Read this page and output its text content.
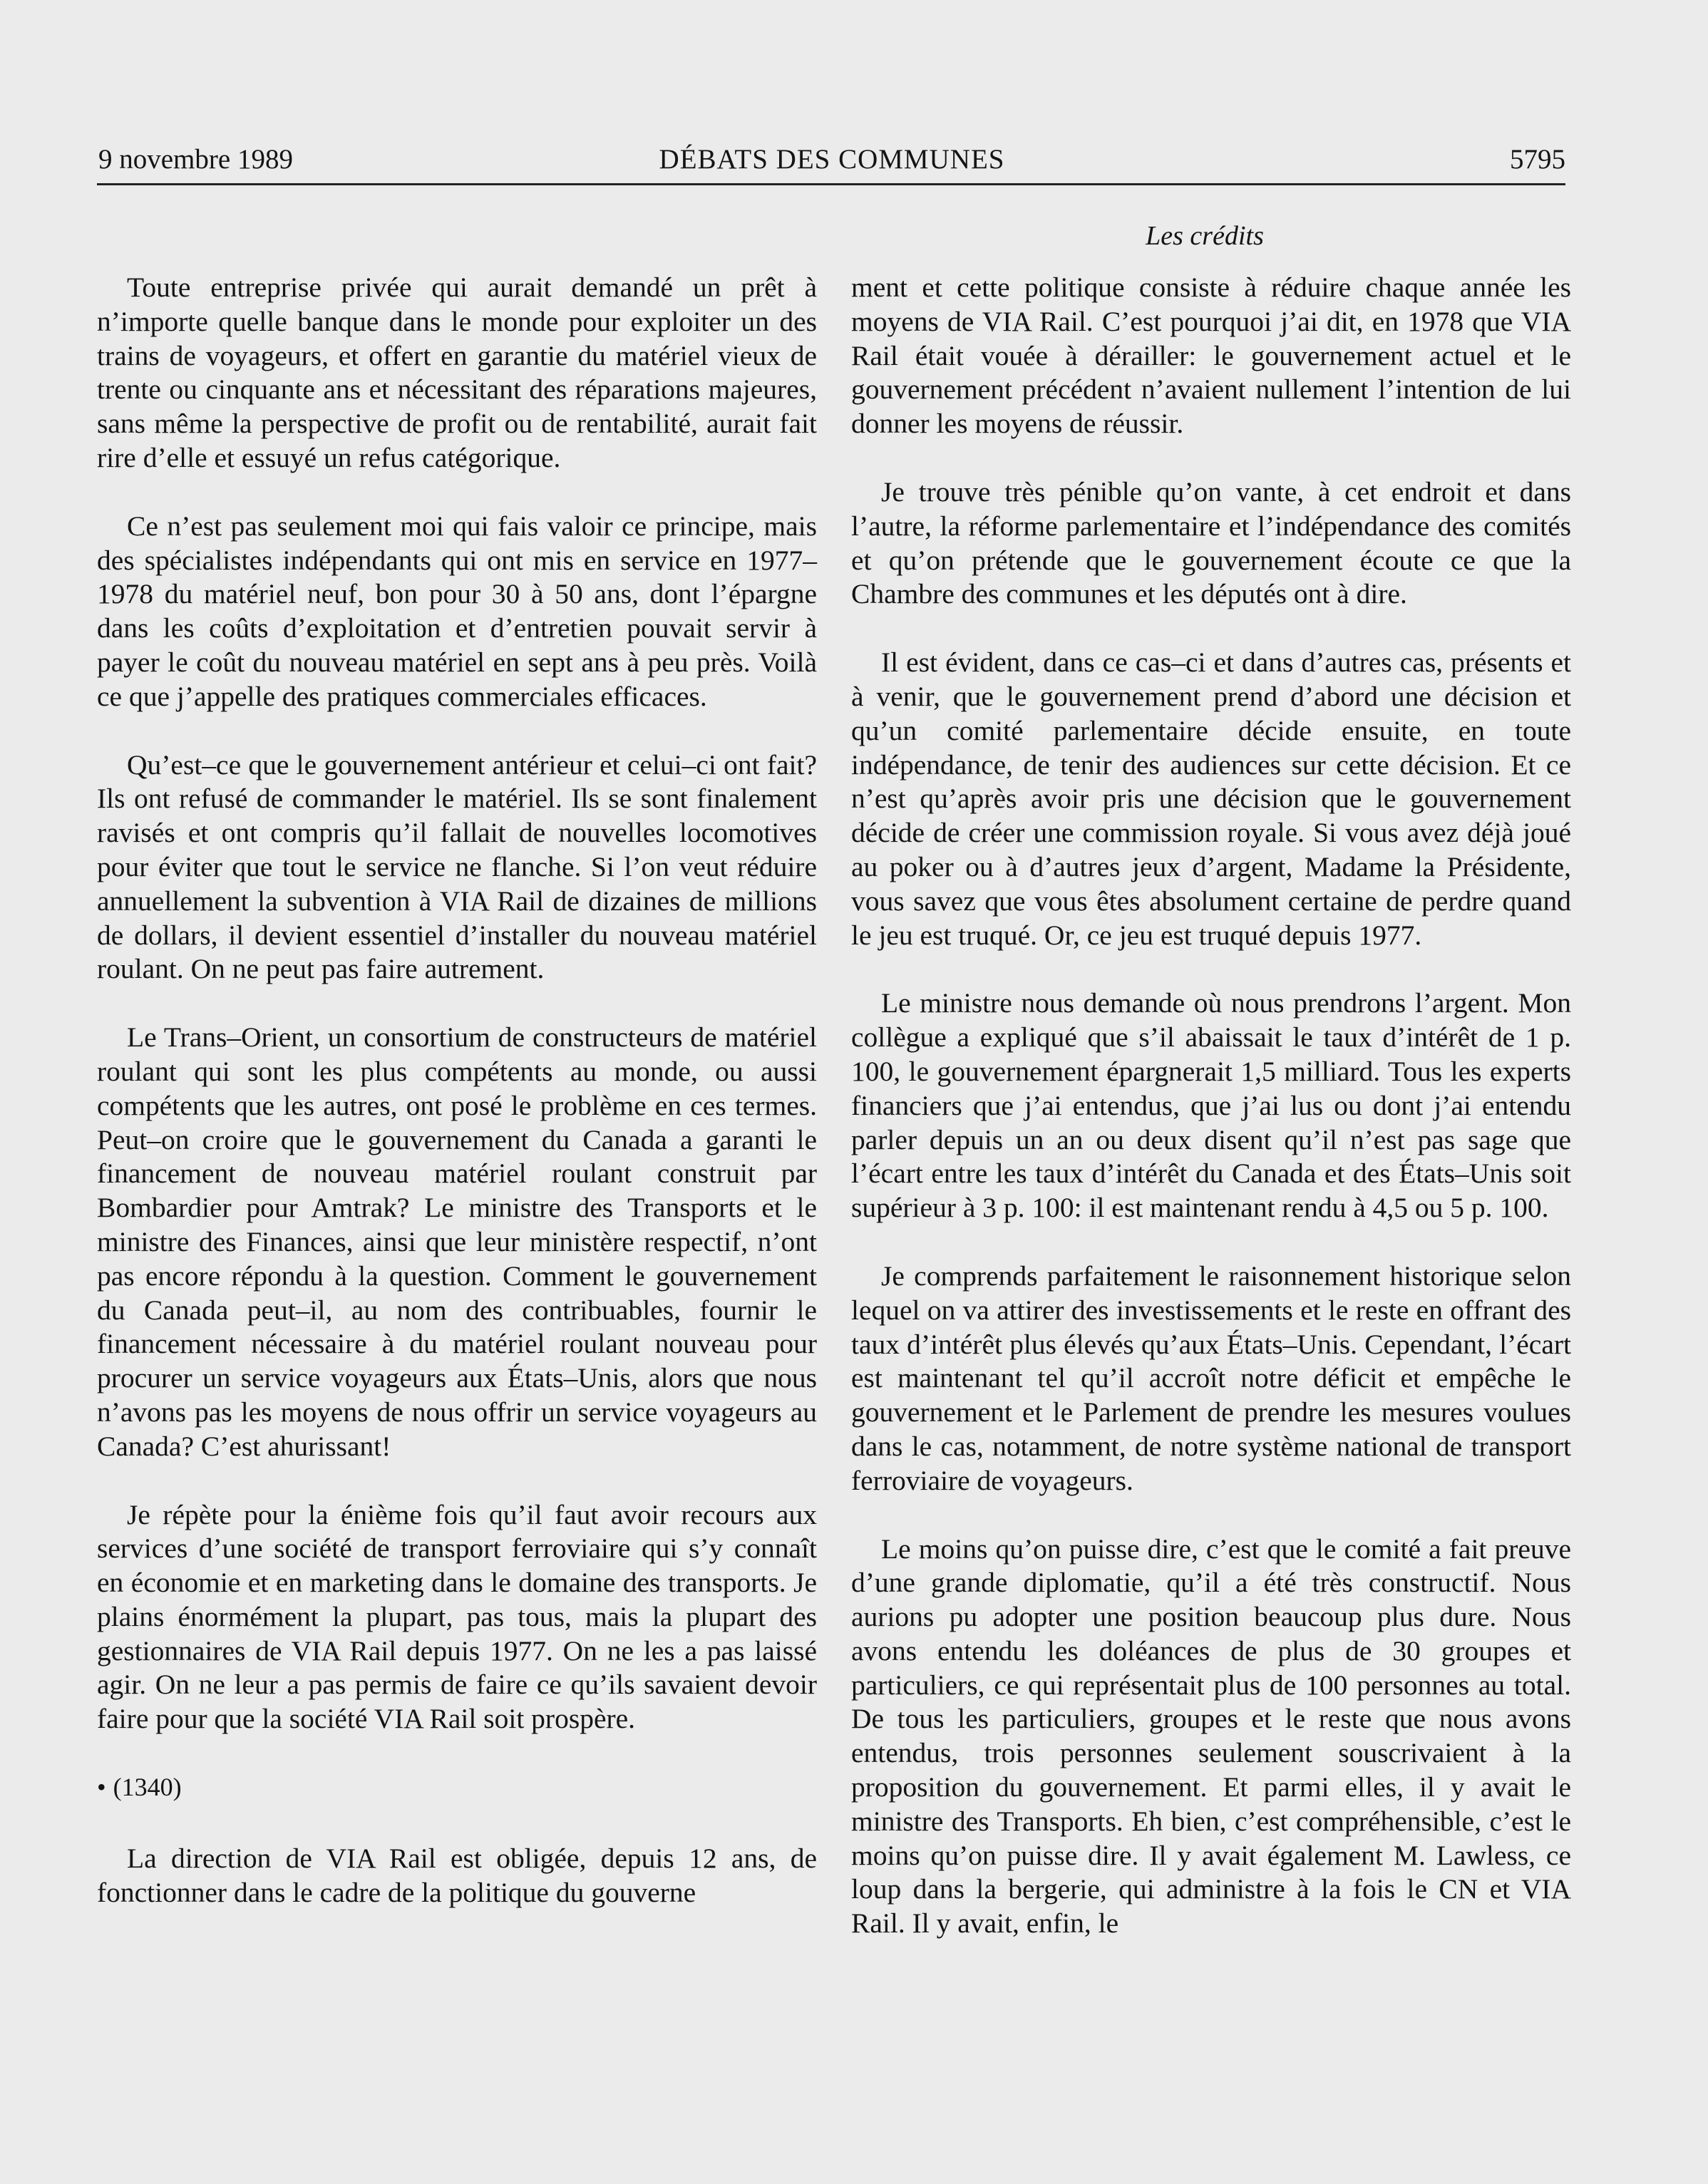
9 novembre 1989	DÉBATS DES COMMUNES	5795
Les crédits

Toute entreprise privée qui aurait demandé un prêt à n’importe quelle banque dans le monde pour exploiter un des trains de voyageurs, et offert en garantie du matériel vieux de trente ou cinquante ans et nécessitant des réparations majeures, sans même la perspective de profit ou de rentabilité, aurait fait rire d’elle et essuyé un refus catégorique.

Ce n’est pas seulement moi qui fais valoir ce principe, mais des spécialistes indépendants qui ont mis en service en 1977–1978 du matériel neuf, bon pour 30 à 50 ans, dont l’épargne dans les coûts d’exploitation et d’entretien pouvait servir à payer le coût du nouveau matériel en sept ans à peu près. Voilà ce que j’appelle des pratiques commerciales efficaces.

Qu’est–ce que le gouvernement antérieur et celui–ci ont fait? Ils ont refusé de commander le matériel. Ils se sont finalement ravisés et ont compris qu’il fallait de nouvelles locomotives pour éviter que tout le service ne flanche. Si l’on veut réduire annuellement la subvention à VIA Rail de dizaines de millions de dollars, il devient essentiel d’installer du nouveau matériel roulant. On ne peut pas faire autrement.

Le Trans–Orient, un consortium de constructeurs de matériel roulant qui sont les plus compétents au monde, ou aussi compétents que les autres, ont posé le problème en ces termes. Peut–on croire que le gouvernement du Canada a garanti le financement de nouveau matériel roulant construit par Bombardier pour Amtrak? Le ministre des Transports et le ministre des Finances, ainsi que leur ministère respectif, n’ont pas encore répondu à la question. Comment le gouvernement du Canada peut–il, au nom des contribuables, fournir le financement nécessaire à du matériel roulant nouveau pour procurer un service voyageurs aux États–Unis, alors que nous n’avons pas les moyens de nous offrir un service voyageurs au Canada? C’est ahurissant!

Je répète pour la énième fois qu’il faut avoir recours aux services d’une société de transport ferroviaire qui s’y connaît en économie et en marketing dans le domaine des transports. Je plains énormément la plupart, pas tous, mais la plupart des gestionnaires de VIA Rail depuis 1977. On ne les a pas laissé agir. On ne leur a pas permis de faire ce qu’ils savaient devoir faire pour que la société VIA Rail soit prospère.

• (1340)

La direction de VIA Rail est obligée, depuis 12 ans, de fonctionner dans le cadre de la politique du gouverne

ment et cette politique consiste à réduire chaque année les moyens de VIA Rail. C’est pourquoi j’ai dit, en 1978 que VIA Rail était vouée à dérailler: le gouvernement actuel et le gouvernement précédent n’avaient nullement l’intention de lui donner les moyens de réussir.

Je trouve très pénible qu’on vante, à cet endroit et dans l’autre, la réforme parlementaire et l’indépendance des comités et qu’on prétende que le gouvernement écoute ce que la Chambre des communes et les députés ont à dire.

Il est évident, dans ce cas–ci et dans d’autres cas, présents et à venir, que le gouvernement prend d’abord une décision et qu’un comité parlementaire décide ensuite, en toute indépendance, de tenir des audiences sur cette décision. Et ce n’est qu’après avoir pris une décision que le gouvernement décide de créer une commission royale. Si vous avez déjà joué au poker ou à d’autres jeux d’argent, Madame la Présidente, vous savez que vous êtes absolument certaine de perdre quand le jeu est truqué. Or, ce jeu est truqué depuis 1977.

Le ministre nous demande où nous prendrons l’argent. Mon collègue a expliqué que s’il abaissait le taux d’intérêt de 1 p. 100, le gouvernement épargnerait 1,5 milliard. Tous les experts financiers que j’ai entendus, que j’ai lus ou dont j’ai entendu parler depuis un an ou deux disent qu’il n’est pas sage que l’écart entre les taux d’intérêt du Canada et des États–Unis soit supérieur à 3 p. 100: il est maintenant rendu à 4,5 ou 5 p. 100.

Je comprends parfaitement le raisonnement historique selon lequel on va attirer des investissements et le reste en offrant des taux d’intérêt plus élevés qu’aux États–Unis. Cependant, l’écart est maintenant tel qu’il accroît notre déficit et empêche le gouvernement et le Parlement de prendre les mesures voulues dans le cas, notamment, de notre système national de transport ferroviaire de voyageurs.

Le moins qu’on puisse dire, c’est que le comité a fait preuve d’une grande diplomatie, qu’il a été très constructif. Nous aurions pu adopter une position beaucoup plus dure. Nous avons entendu les doléances de plus de 30 groupes et particuliers, ce qui représentait plus de 100 personnes au total. De tous les particuliers, groupes et le reste que nous avons entendus, trois personnes seulement souscrivaient à la proposition du gouvernement. Et parmi elles, il y avait le ministre des Transports. Eh bien, c’est compréhensible, c’est le moins qu’on puisse dire. Il y avait également M. Lawless, ce loup dans la bergerie, qui administre à la fois le CN et VIA Rail. Il y avait, enfin, le
